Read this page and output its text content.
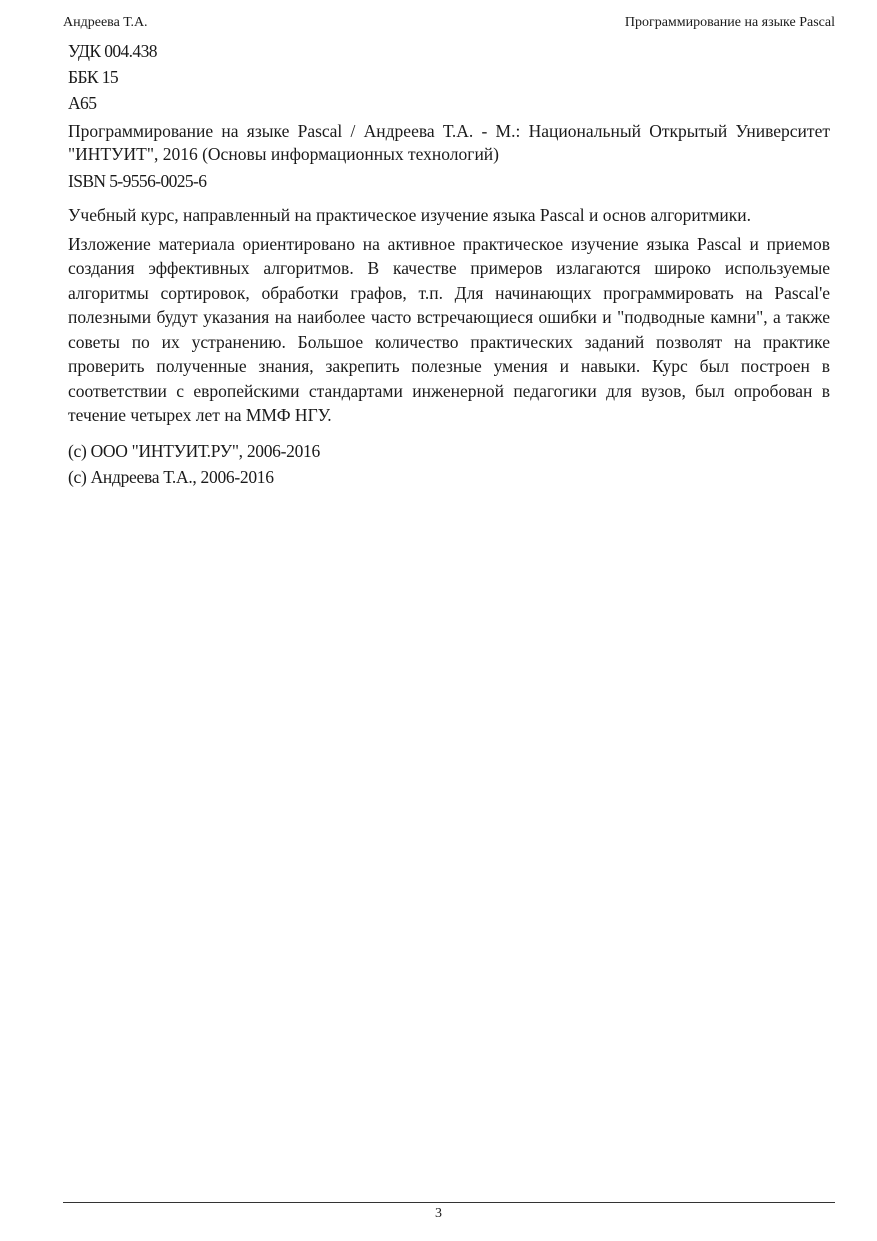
Андреева Т.А.	Программирование на языке Pascal

УДК 004.438

ББК 15

А65

Программирование на языке Pascal / Андреева Т.А. - М.: Национальный Открытый Университет "ИНТУИТ", 2016 (Основы информационных технологий)

ISBN 5-9556-0025-6

Учебный курс, направленный на практическое изучение языка Pascal и основ алгоритмики.

Изложение материала ориентировано на активное практическое изучение языка Pascal и приемов создания эффективных алгоритмов. В качестве примеров излагаются широко используемые алгоритмы сортировок, обработки графов, т.п. Для начинающих программировать на Pascal'e полезными будут указания на наиболее часто встречающиеся ошибки и "подводные камни", а также советы по их устранению. Большое количество практических заданий позволят на практике проверить полученные знания, закрепить полезные умения и навыки. Курс был построен в соответствии с европейскими стандартами инженерной педагогики для вузов, был опробован в течение четырех лет на ММФ НГУ.

(c) ООО "ИНТУИТ.РУ", 2006-2016

(c) Андреева Т.А., 2006-2016

3
